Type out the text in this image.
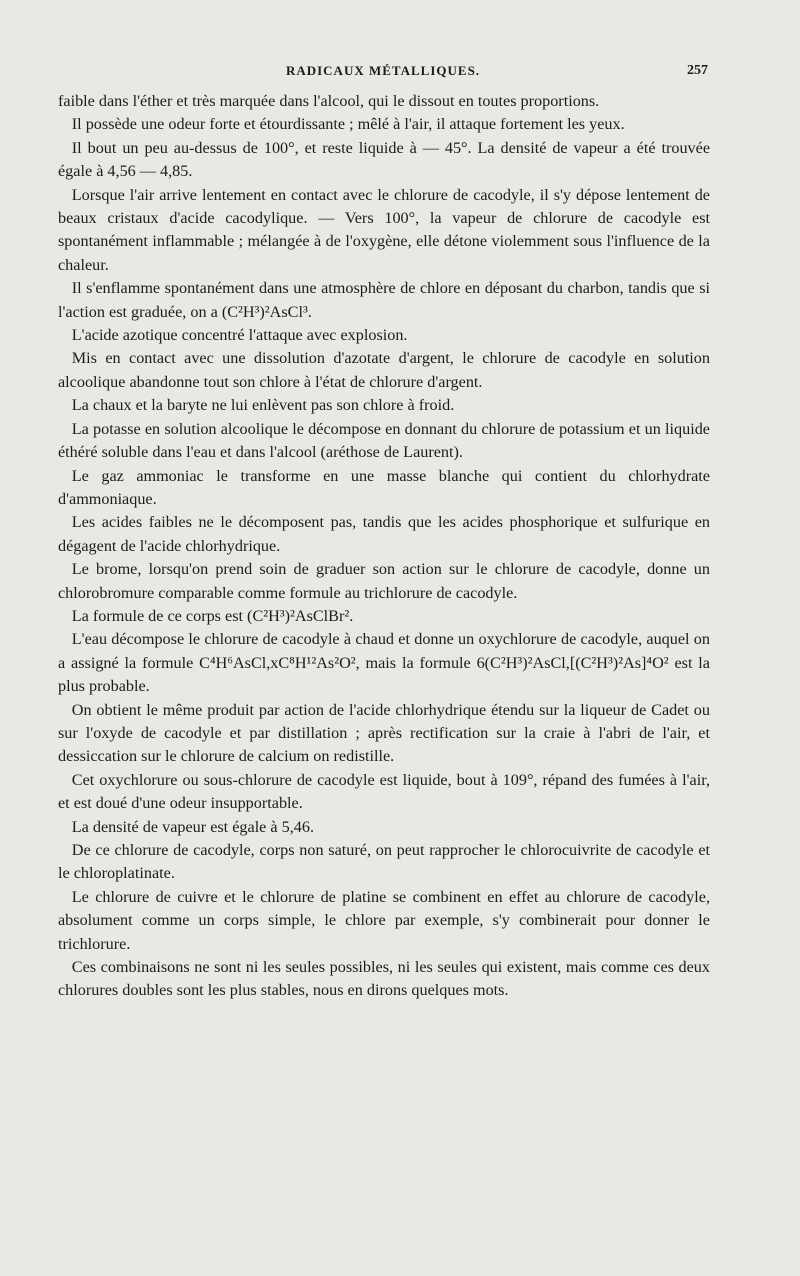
RADICAUX MÉTALLIQUES.	257

faible dans l'éther et très marquée dans l'alcool, qui le dissout en toutes proportions.

Il possède une odeur forte et étourdissante ; mêlé à l'air, il attaque fortement les yeux.

Il bout un peu au-dessus de 100°, et reste liquide à — 45°. La densité de vapeur a été trouvée égale à 4,56 — 4,85.

Lorsque l'air arrive lentement en contact avec le chlorure de cacodyle, il s'y dépose lentement de beaux cristaux d'acide cacodylique. — Vers 100°, la vapeur de chlorure de cacodyle est spontanément inflammable ; mélangée à de l'oxygène, elle détone violemment sous l'influence de la chaleur.

Il s'enflamme spontanément dans une atmosphère de chlore en déposant du charbon, tandis que si l'action est graduée, on a (C²H³)²AsCl³.

L'acide azotique concentré l'attaque avec explosion.

Mis en contact avec une dissolution d'azotate d'argent, le chlorure de cacodyle en solution alcoolique abandonne tout son chlore à l'état de chlorure d'argent.

La chaux et la baryte ne lui enlèvent pas son chlore à froid.

La potasse en solution alcoolique le décompose en donnant du chlorure de potassium et un liquide éthéré soluble dans l'eau et dans l'alcool (aréthose de Laurent).

Le gaz ammoniac le transforme en une masse blanche qui contient du chlorhydrate d'ammoniaque.

Les acides faibles ne le décomposent pas, tandis que les acides phosphorique et sulfurique en dégagent de l'acide chlorhydrique.

Le brome, lorsqu'on prend soin de graduer son action sur le chlorure de cacodyle, donne un chlorobromure comparable comme formule au trichlorure de cacodyle.

La formule de ce corps est (C²H³)²AsClBr².

L'eau décompose le chlorure de cacodyle à chaud et donne un oxychlorure de cacodyle, auquel on a assigné la formule C⁴H⁶AsCl,xC⁸H¹²As²O², mais la formule 6(C²H³)²AsCl,[(C²H³)²As]⁴O² est la plus probable.

On obtient le même produit par action de l'acide chlorhydrique étendu sur la liqueur de Cadet ou sur l'oxyde de cacodyle et par distillation ; après rectification sur la craie à l'abri de l'air, et dessiccation sur le chlorure de calcium on redistille.

Cet oxychlorure ou sous-chlorure de cacodyle est liquide, bout à 109°, répand des fumées à l'air, et est doué d'une odeur insupportable.

La densité de vapeur est égale à 5,46.

De ce chlorure de cacodyle, corps non saturé, on peut rapprocher le chlorocuivrite de cacodyle et le chloroplatinate.

Le chlorure de cuivre et le chlorure de platine se combinent en effet au chlorure de cacodyle, absolument comme un corps simple, le chlore par exemple, s'y combinerait pour donner le trichlorure.

Ces combinaisons ne sont ni les seules possibles, ni les seules qui existent, mais comme ces deux chlorures doubles sont les plus stables, nous en dirons quelques mots.
